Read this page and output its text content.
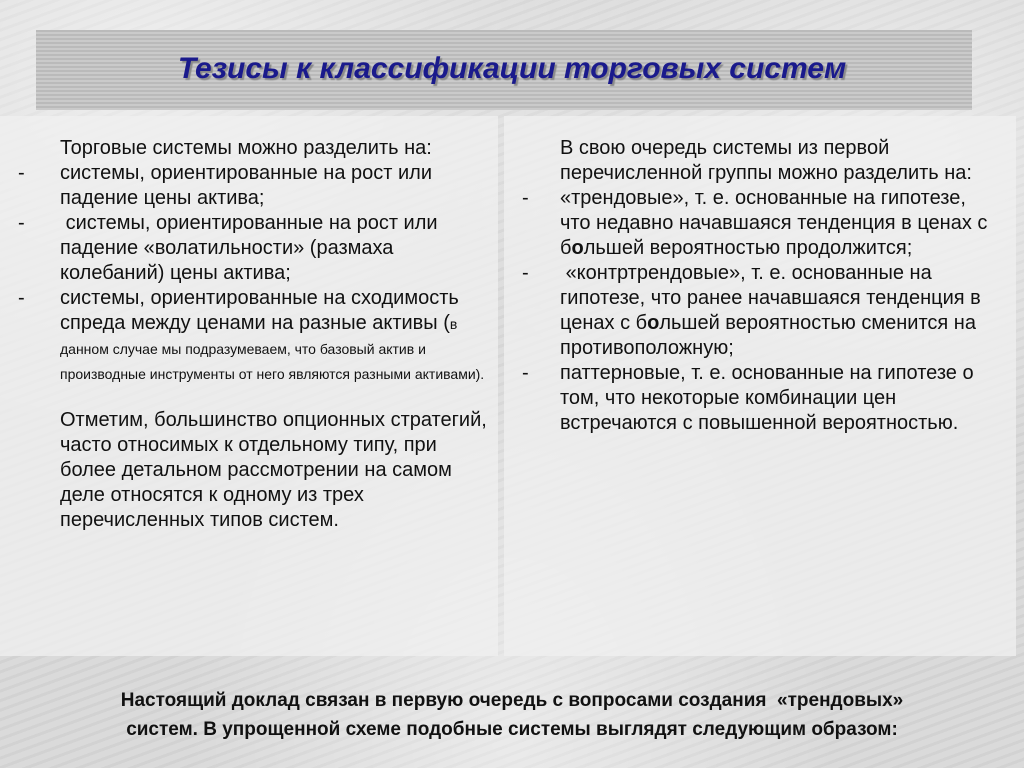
Тезисы к классификации торговых систем

Торговые системы можно разделить на:

- системы, ориентированные на рост или падение цены актива;

- системы, ориентированные на рост или падение «волатильности» (размаха колебаний) цены актива;

- системы, ориентированные на сходимость спреда между ценами на разные активы (в данном случае мы подразумеваем, что базовый актив и производные инструменты от него являются разными активами).

Отметим, большинство опционных стратегий, часто относимых к отдельному типу, при более детальном рассмотрении на самом деле относятся к одному из трех перечисленных типов систем.

В свою очередь системы из первой перечисленной группы можно разделить на:

- «трендовые», т. е. основанные на гипотезе, что недавно начавшаяся тенденция в ценах с большей вероятностью продолжится;

- «контртрендовые», т. е. основанные на гипотезе, что ранее начавшаяся тенденция в ценах с большей вероятностью сменится на противоположную;

- паттерновые, т. е. основанные на гипотезе о том, что некоторые комбинации цен встречаются с повышенной вероятностью.

Настоящий доклад связан в первую очередь с вопросами создания  «трендовых»
систем. В упрощенной схеме подобные системы выглядят следующим образом:
